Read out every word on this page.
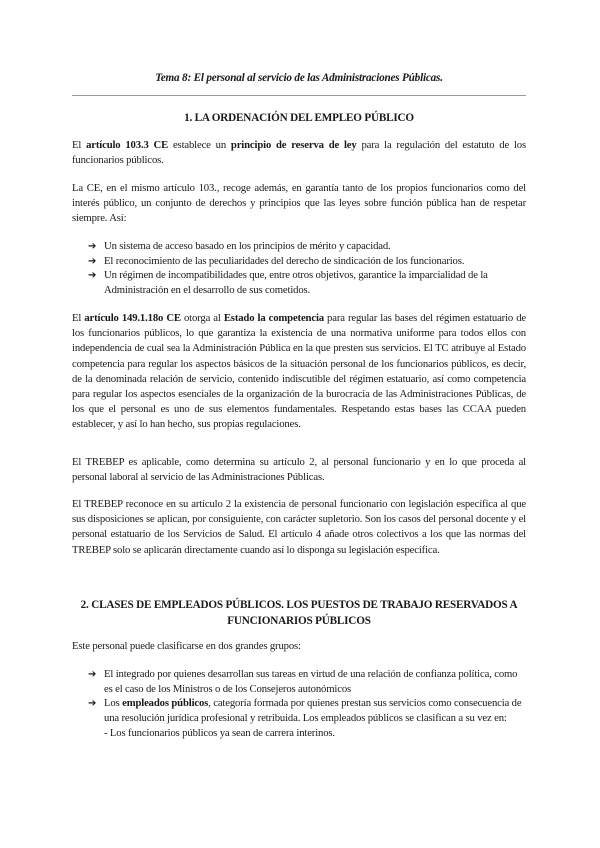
Tema 8: El personal al servicio de las Administraciones Públicas.
1. LA ORDENACIÓN DEL EMPLEO PÚBLICO
El artículo 103.3 CE establece un principio de reserva de ley para la regulación del estatuto de los funcionarios públicos.
La CE, en el mismo artículo 103., recoge además, en garantía tanto de los propios funcionarios como del interés público, un conjunto de derechos y principios que las leyes sobre función pública han de respetar siempre. Así:
➔ Un sistema de acceso basado en los principios de mérito y capacidad.
➔ El reconocimiento de las peculiaridades del derecho de sindicación de los funcionarios.
➔ Un régimen de incompatibilidades que, entre otros objetivos, garantice la imparcialidad de la Administración en el desarrollo de sus cometidos.
El artículo 149.1.18o CE otorga al Estado la competencia para regular las bases del régimen estatuario de los funcionarios públicos, lo que garantiza la existencia de una normativa uniforme para todos ellos con independencia de cual sea la Administración Pública en la que presten sus servicios. El TC atribuye al Estado competencia para regular los aspectos básicos de la situación personal de los funcionarios públicos, es decir, de la denominada relación de servicio, contenido indiscutible del régimen estatuario, así como competencia para regular los aspectos esenciales de la organización de la burocracia de las Administraciones Públicas, de los que el personal es uno de sus elementos fundamentales. Respetando estas bases las CCAA pueden establecer, y así lo han hecho, sus propias regulaciones.
El TREBEP es aplicable, como determina su artículo 2, al personal funcionario y en lo que proceda al personal laboral al servicio de las Administraciones Públicas.
El TREBEP reconoce en su artículo 2 la existencia de personal funcionario con legislación específica al que sus disposiciones se aplican, por consiguiente, con carácter supletorio. Son los casos del personal docente y el personal estatuario de los Servicios de Salud. El artículo 4 añade otros colectivos a los que las normas del TREBEP solo se aplicarán directamente cuando así lo disponga su legislación específica.
2. CLASES DE EMPLEADOS PÚBLICOS. LOS PUESTOS DE TRABAJO RESERVADOS A FUNCIONARIOS PÚBLICOS
Este personal puede clasificarse en dos grandes grupos:
➔ El integrado por quienes desarrollan sus tareas en virtud de una relación de confianza política, como es el caso de los Ministros o de los Consejeros autonómicos
➔ Los empleados públicos, categoría formada por quienes prestan sus servicios como consecuencia de una resolución jurídica profesional y retribuida. Los empleados públicos se clasifican a su vez en:
- Los funcionarios públicos ya sean de carrera interinos.
